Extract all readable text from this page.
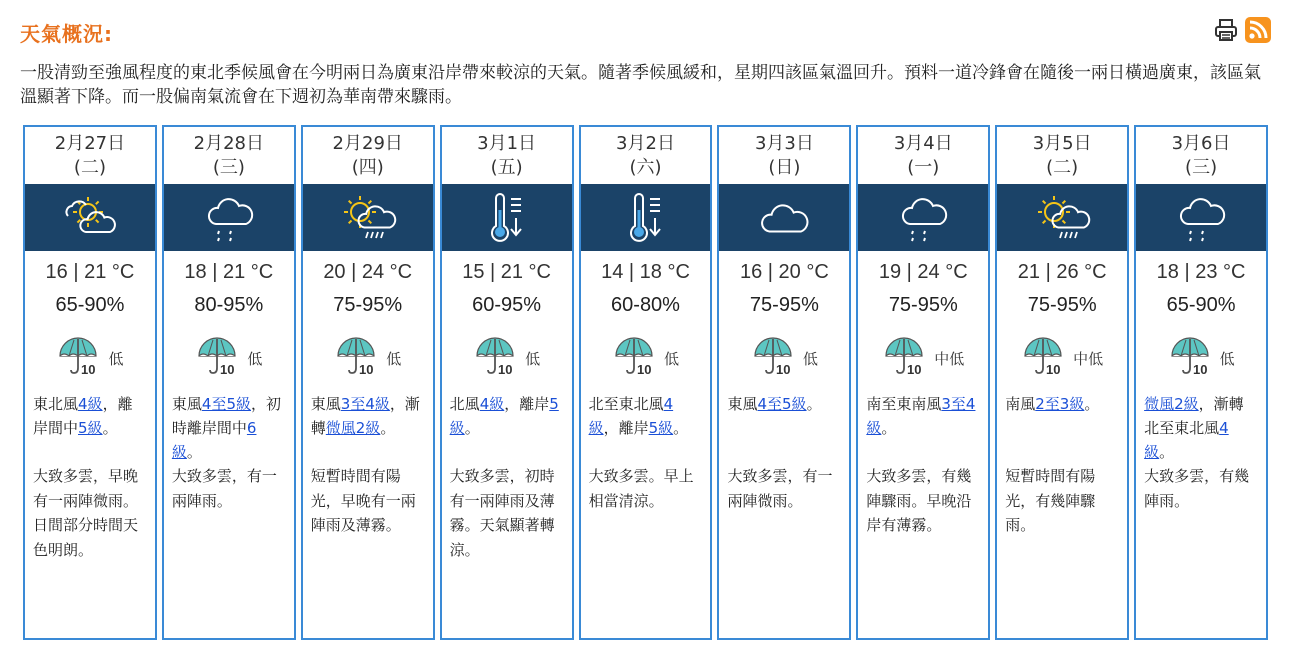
天氣概況:
一股清勁至強風程度的東北季候風會在今明兩日為廣東沿岸帶來較涼的天氣。隨著季候風緩和，星期四該區氣溫回升。預料一道冷鋒會在隨後一兩日橫過廣東，該區氣溫顯著下降。而一股偏南氣流會在下週初為華南帶來驟雨。
2月27日
(二)
16 | 21 °C
65-90%
10
低
東北風4級，離岸間中5級。
大致多雲，早晚有一兩陣微雨。日間部分時間天色明朗。
2月28日
(三)
18 | 21 °C
80-95%
10
低
東風4至5級，初時離岸間中6級。
大致多雲，有一兩陣雨。
2月29日
(四)
20 | 24 °C
75-95%
10
低
東風3至4級，漸轉微風2級。
短暫時間有陽光，早晚有一兩陣雨及薄霧。
3月1日
(五)
15 | 21 °C
60-95%
10
低
北風4級，離岸5級。
大致多雲，初時有一兩陣雨及薄霧。天氣顯著轉涼。
3月2日
(六)
14 | 18 °C
60-80%
10
低
北至東北風4級，離岸5級。
大致多雲。早上相當清涼。
3月3日
(日)
16 | 20 °C
75-95%
10
低
東風4至5級。
大致多雲，有一兩陣微雨。
3月4日
(一)
19 | 24 °C
75-95%
10
中低
南至東南風3至4級。
大致多雲，有幾陣驟雨。早晚沿岸有薄霧。
3月5日
(二)
21 | 26 °C
75-95%
10
中低
南風2至3級。
短暫時間有陽光，有幾陣驟雨。
3月6日
(三)
18 | 23 °C
65-90%
10
低
微風2級，漸轉北至東北風4級。
大致多雲，有幾陣雨。
